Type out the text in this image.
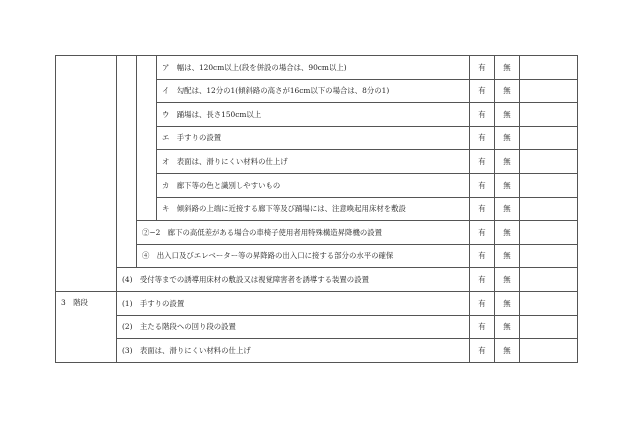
			ア　幅は、120cm以上(段を併設の場合は、90cm以上)	有	無	
			イ　勾配は、12分の1(傾斜路の高さが16cm以下の場合は、8分の1)	有	無	
			ウ　踊場は、長さ150cm以上	有	無	
			エ　手すりの設置	有	無	
			オ　表面は、滑りにくい材料の仕上げ	有	無	
			カ　廊下等の色と識別しやすいもの	有	無	
			キ　傾斜路の上端に近接する廊下等及び踊場には、注意喚起用床材を敷設	有	無	
		②−2　廊下の高低差がある場合の車椅子使用者用特殊構造昇降機の設置		有	無	
		④　出入口及びエレベーター等の昇降路の出入口に接する部分の水平の確保		有	無	
	(4)　受付等までの誘導用床材の敷設又は視覚障害者を誘導する装置の設置			有	無	
3　階段	(1)　手すりの設置			有	無	
	(2)　主たる階段への回り段の設置			有	無	
	(3)　表面は、滑りにくい材料の仕上げ			有	無	
